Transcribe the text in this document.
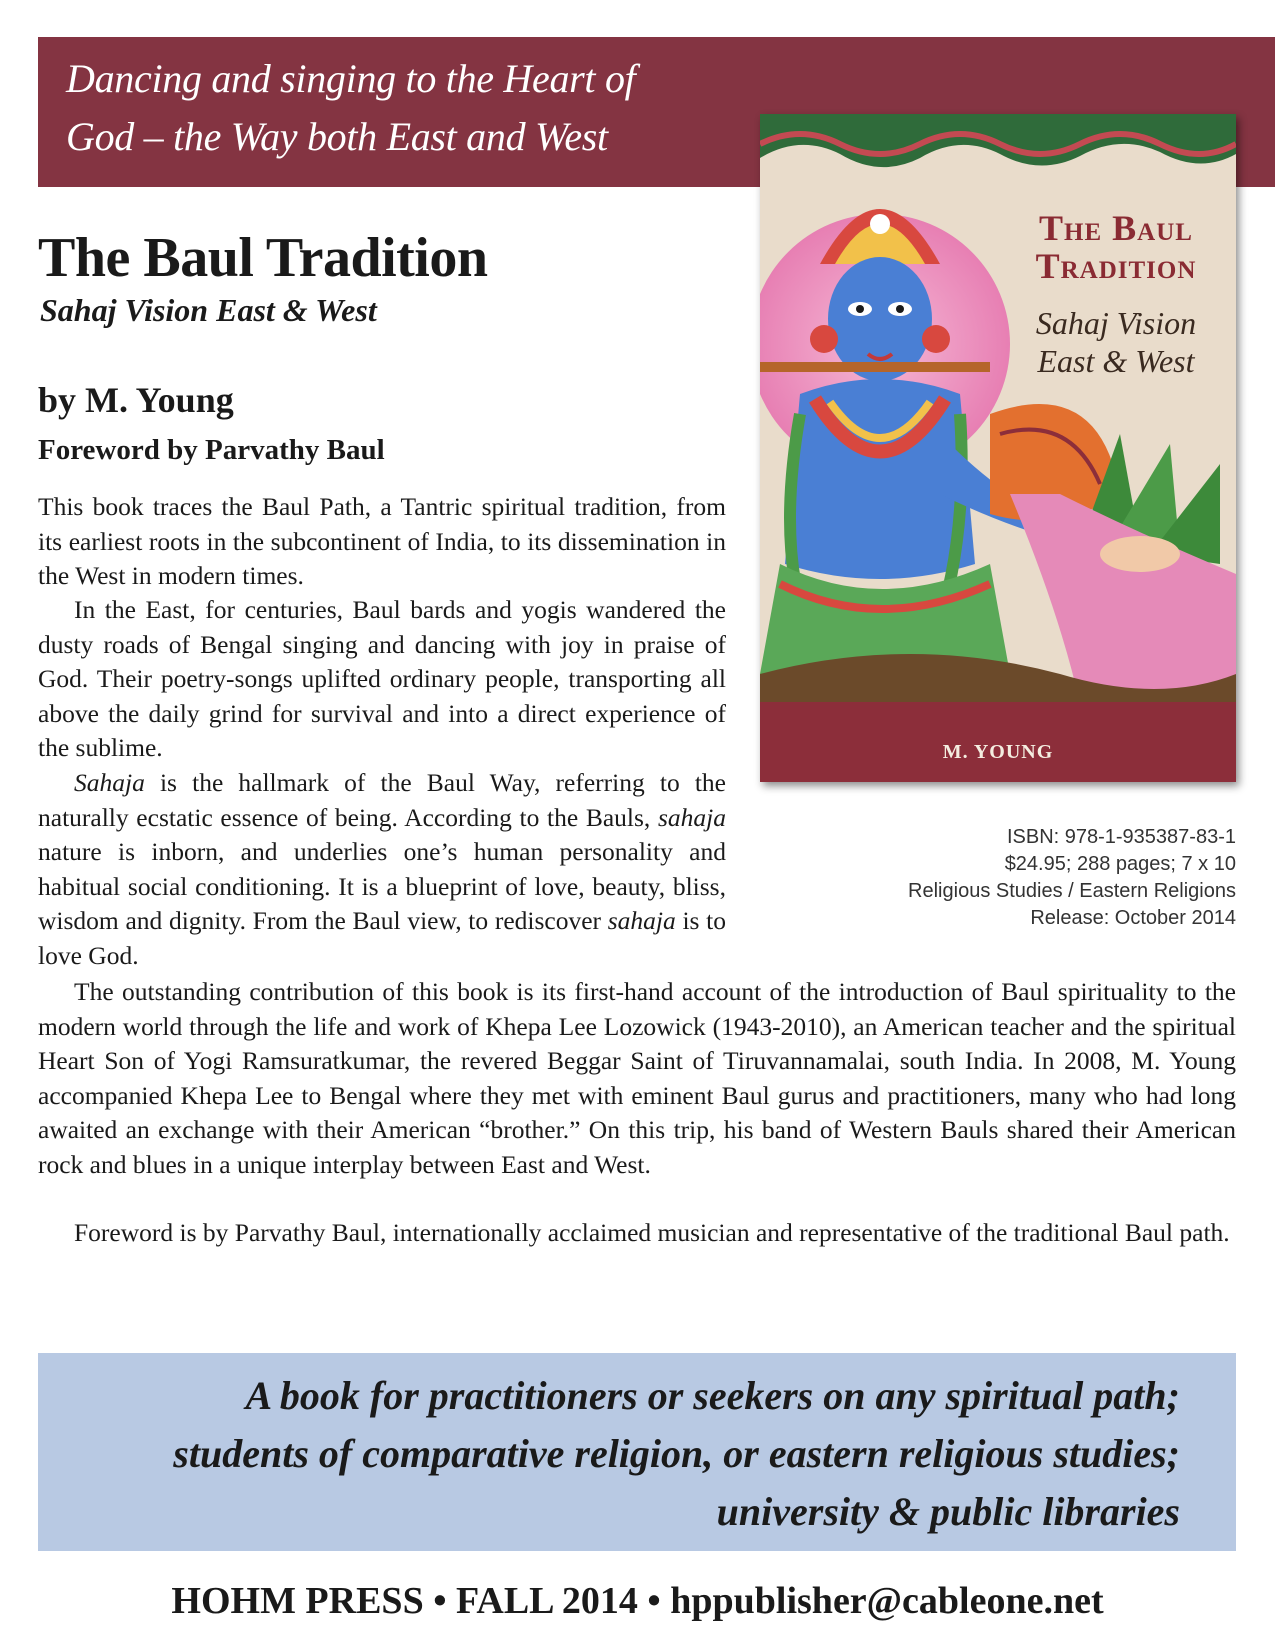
Dancing and singing to the Heart of
God – the Way both East and West

The Baul
Tradition

Sahaj Vision
East & West

M. YOUNG

The Baul Tradition

Sahaj Vision East & West

by M. Young

Foreword by Parvathy Baul

ISBN: 978-1-935387-83-1
$24.95; 288 pages; 7 x 10
Religious Studies / Eastern Religions
Release: October 2014

This book traces the Baul Path, a Tantric spiritual tradition, from its earliest roots in the subcontinent of India, to its dissemination in the West in modern times.

In the East, for centuries, Baul bards and yogis wandered the dusty roads of Bengal singing and dancing with joy in praise of God. Their poetry-songs uplifted ordinary people, transporting all above the daily grind for survival and into a direct experience of the sublime.

Sahaja is the hallmark of the Baul Way, referring to the naturally ecstatic essence of being. According to the Bauls, sahaja nature is inborn, and underlies one’s human personality and habitual social conditioning. It is a blueprint of love, beauty, bliss, wisdom and dignity. From the Baul view, to rediscover sahaja is to love God.

The outstanding contribution of this book is its first-hand account of the introduction of Baul spirituality to the modern world through the life and work of Khepa Lee Lozowick (1943-2010), an American teacher and the spiritual Heart Son of Yogi Ramsuratkumar, the revered Beggar Saint of Tiruvannamalai, south India. In 2008, M. Young accompanied Khepa Lee to Bengal where they met with eminent Baul gurus and practitioners, many who had long awaited an exchange with their American “brother.” On this trip, his band of Western Bauls shared their American rock and blues in a unique interplay between East and West.

Foreword is by Parvathy Baul, internationally acclaimed musician and representative of the traditional Baul path.

A book for practitioners or seekers on any spiritual path;
students of comparative religion, or eastern religious studies;
university & public libraries

HOHM PRESS • FALL 2014 • hppublisher@cableone.net
